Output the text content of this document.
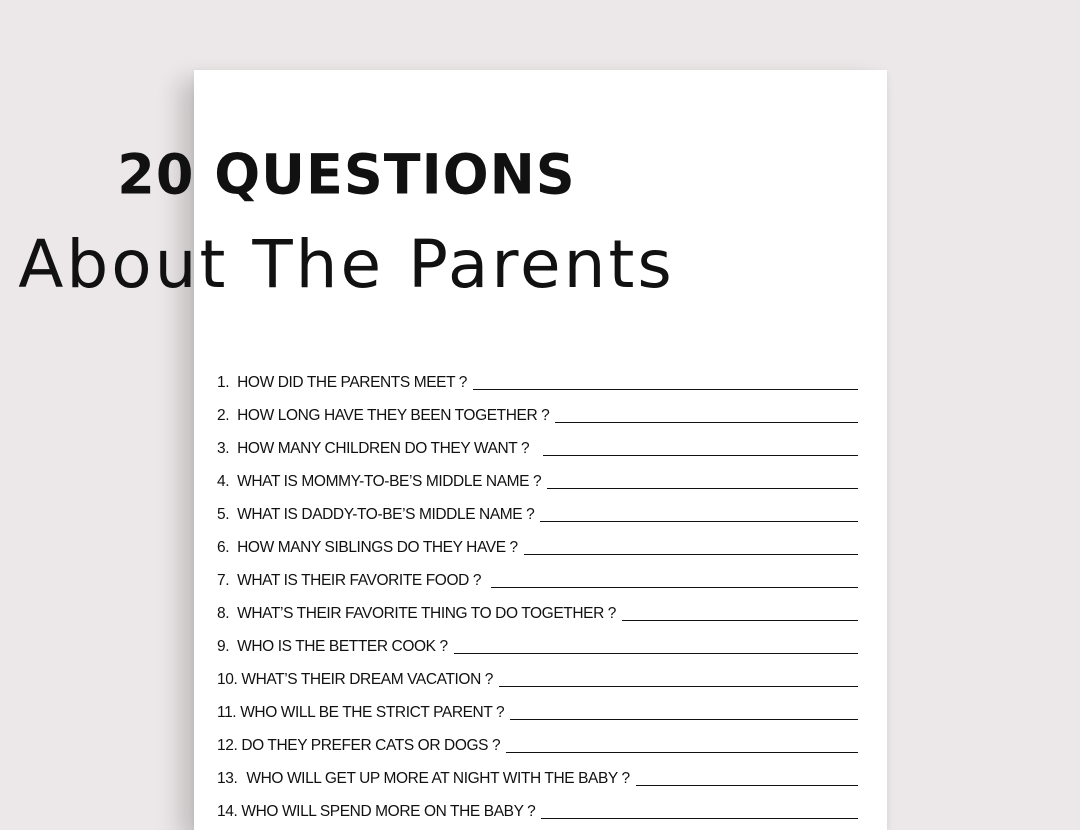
20 QUESTIONS
About The Parents
1. HOW DID THE PARENTS MEET ?
2. HOW LONG HAVE THEY BEEN TOGETHER ?
3. HOW MANY CHILDREN DO THEY WANT ?
4. WHAT IS MOMMY-TO-BE’S MIDDLE NAME ?
5. WHAT IS DADDY-TO-BE’S MIDDLE NAME ?
6. HOW MANY SIBLINGS DO THEY HAVE ?
7. WHAT IS THEIR FAVORITE FOOD ?
8. WHAT’S THEIR FAVORITE THING TO DO TOGETHER ?
9. WHO IS THE BETTER COOK ?
10. WHAT’S THEIR DREAM VACATION ?
11. WHO WILL BE THE STRICT PARENT ?
12. DO THEY PREFER CATS OR DOGS ?
13. WHO WILL GET UP MORE AT NIGHT WITH THE BABY ?
14. WHO WILL SPEND MORE ON THE BABY ?
